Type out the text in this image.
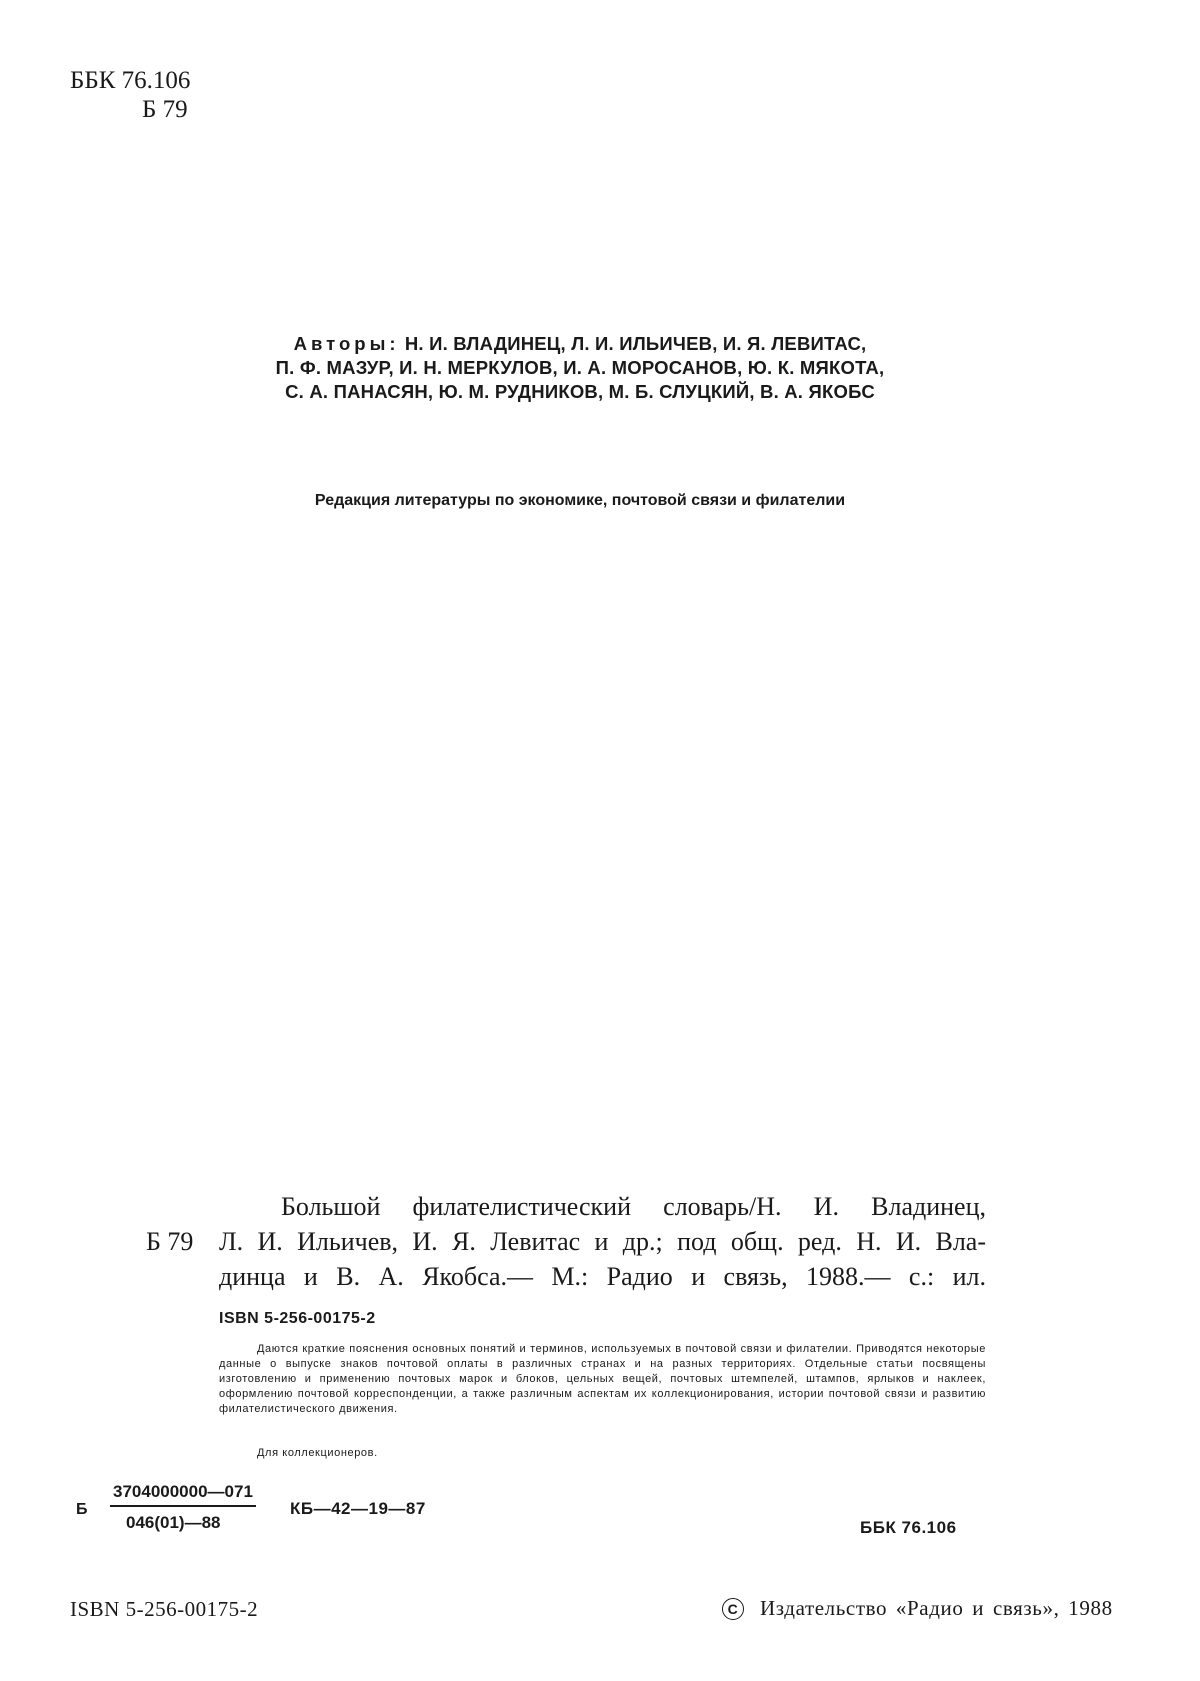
ББК 76.106
Б 79
Авторы: Н. И. ВЛАДИНЕЦ, Л. И. ИЛЬИЧЕВ, И. Я. ЛЕВИТАС,
П. Ф. МАЗУР, И. Н. МЕРКУЛОВ, И. А. МОРОСАНОВ, Ю. К. МЯКОТА,
С. А. ПАНАСЯН, Ю. М. РУДНИКОВ, М. Б. СЛУЦКИЙ, В. А. ЯКОБС
Редакция литературы по экономике, почтовой связи и филателии
Большой филателистический словарь/Н. И. Владинец,
Б 79 Л. И. Ильичев, И. Я. Левитас и др.; под общ. ред. Н. И. Вла-
динца и В. А. Якобса.— М.: Радио и связь, 1988.— с.: ил.
ISBN 5-256-00175-2
Даются краткие пояснения основных понятий и терминов, используемых в почтовой связи и филателии. Приводятся некоторые данные о выпуске знаков почтовой оплаты в различных странах и на разных территориях. Отдельные статьи посвящены изготовлению и применению почтовых марок и блоков, цельных вещей, почтовых штемпелей, штампов, ярлыков и наклеек, оформлению почтовой корреспонденции, а также различным аспектам их коллекционирования, истории почтовой связи и развитию филателистического движения.
Для коллекционеров.
Б $\frac{3704000000—071}{046(01)—88}$ КБ—42—19—87
ББК 76.106
ISBN 5-256-00175-2	С Издательство «Радио и связь», 1988
